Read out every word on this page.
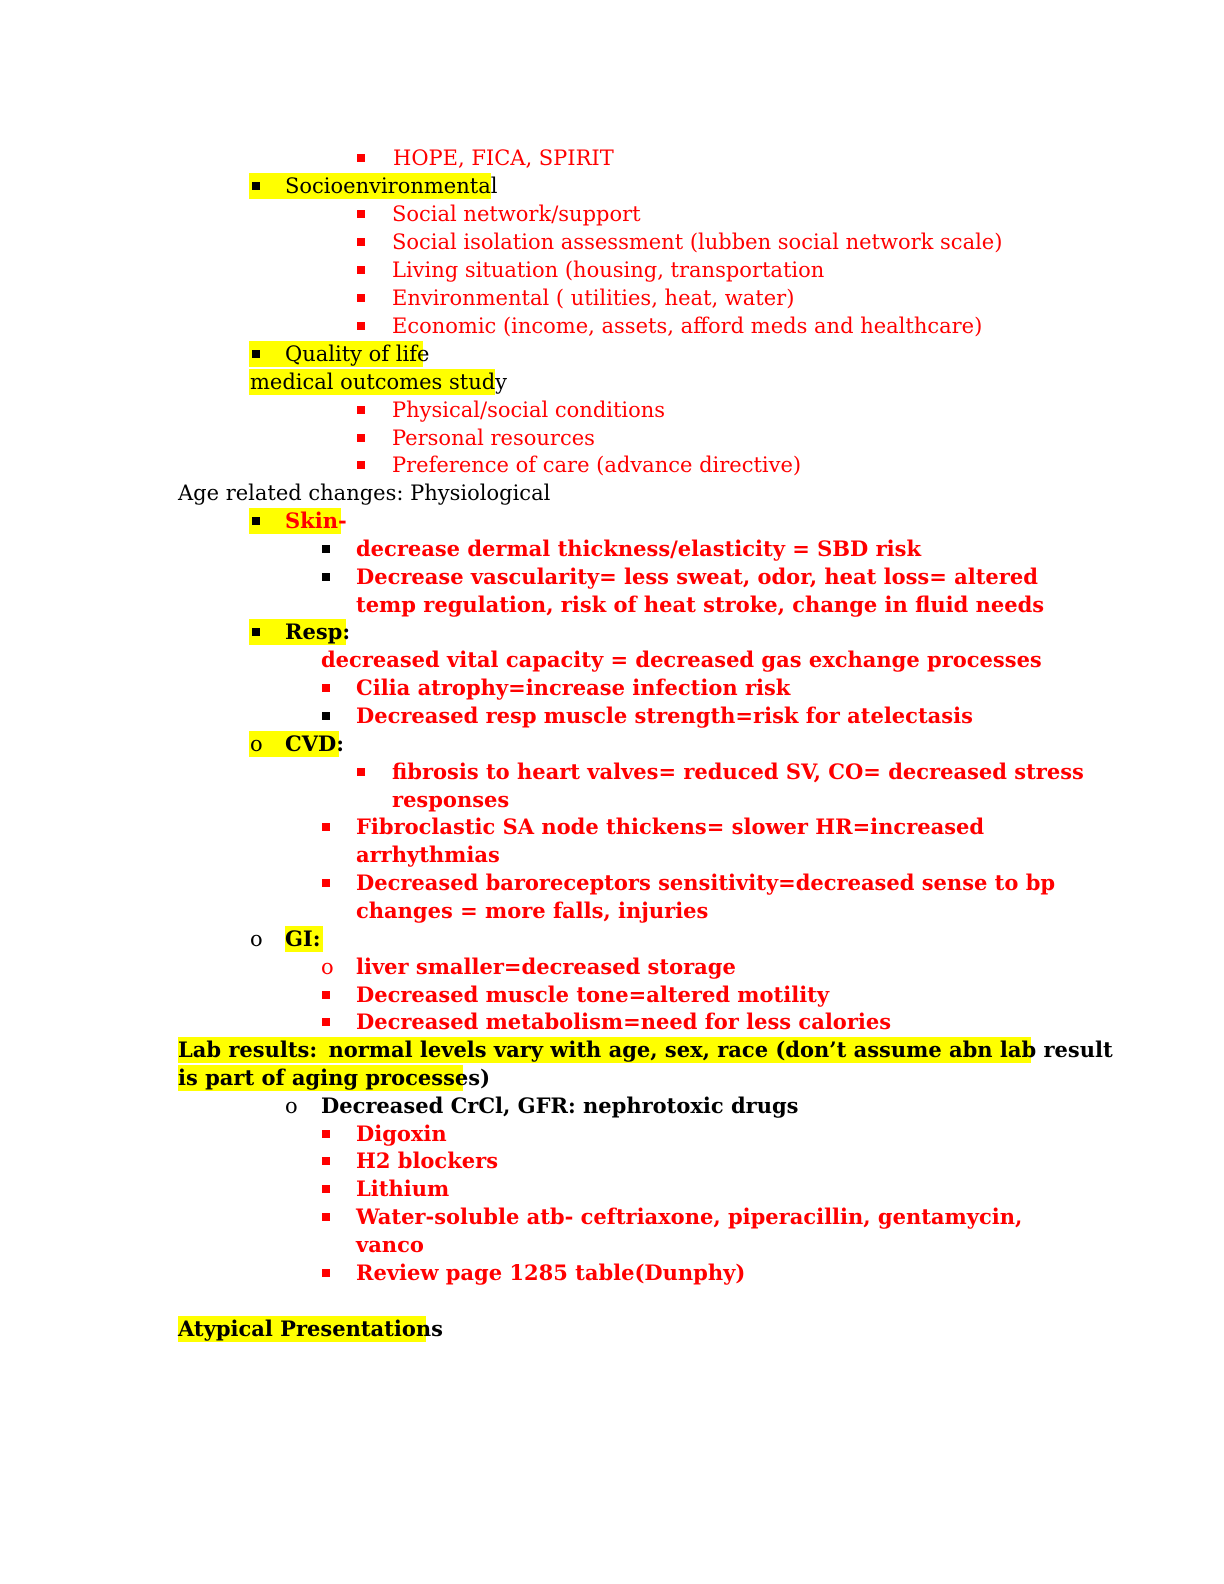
HOPE, FICA, SPIRIT
Socioenvironmental
Social network/support
Social isolation assessment (lubben social network scale)
Living situation (housing, transportation
Environmental ( utilities, heat, water)
Economic (income, assets, afford meds and healthcare)
Quality of life
medical outcomes study
Physical/social conditions
Personal resources
Preference of care (advance directive)
Age related changes: Physiological
Skin-
decrease dermal thickness/elasticity = SBD risk
Decrease vascularity= less sweat, odor, heat loss= altered
temp regulation, risk of heat stroke, change in fluid needs
Resp:
decreased vital capacity = decreased gas exchange processes
Cilia atrophy=increase infection risk
Decreased resp muscle strength=risk for atelectasis
o	CVD:
fibrosis to heart valves= reduced SV, CO= decreased stress
responses
Fibroclastic SA node thickens= slower HR=increased
arrhythmias
Decreased baroreceptors sensitivity=decreased sense to bp
changes = more falls, injuries
o	GI:
o	liver smaller=decreased storage
Decreased muscle tone=altered motility
Decreased metabolism=need for less calories
Lab results: normal levels vary with age, sex, race (don’t assume abn lab result
is part of aging processes)
o	Decreased CrCl, GFR: nephrotoxic drugs
Digoxin
H2 blockers
Lithium
Water-soluble atb- ceftriaxone, piperacillin, gentamycin,
vanco
Review page 1285 table(Dunphy)
Atypical Presentations
